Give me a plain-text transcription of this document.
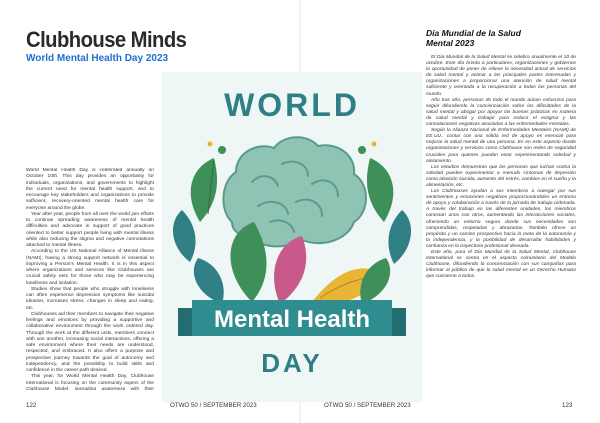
Clubhouse Minds
World Mental Health Day 2023

World Mental Health Day is celebrated annually on October 10th. This day provides an opportunity for individuals, organizations, and governments to highlight the current need for mental health support, and to encourage key stakeholders and organizations to provide sufficient, recovery-oriented mental health care for everyone around the globe.

Year after year, people from all over the world join efforts to continue spreading awareness of mental health difficulties and advocate in support of good practices oriented to better support people living with mental illness while also reducing the stigma and negative connotations attached to mental illness.

According to the US National Alliance of Mental Illness (NAMI), having a strong support network is essential to improving a Person's Mental Health. It is in this aspect where organizations and services like Clubhouses are crucial safety nets for those who may be experiencing loneliness and isolation.

Studies show that people who struggle with loneliness can often experience depression symptoms like suicidal ideation, increases stress, changes in sleep and eating, etc.

Clubhouses aid their members to navigate their negative feelings and emotions by providing a supportive and collaborative environment through the work ordered day. Through the work at the different units, members connect with one another, increasing social interactions, offering a safe environment where their needs are understood, respected, and embraced. It also offers a purpose and prospective journey towards the goal of autonomy and independency, and the possibility to build skills and confidence in the career path desired.

This year, for World Mental Health Day, Clubhouse International is focusing on the community aspect of the Clubhouse Model, spreading awareness with their

122	OTWO 50 / SEPTEMBER 2023	OTWO 50 / SEPTEMBER 2023	123
WORLD
Mental Health
DAY
Día Mundial de la Salud Mental 2023

El Día Mundial de la Salud Mental se celebra anualmente el 10 de octubre. Este día brinda a particulares, organizaciones y gobiernos la oportunidad de poner de relieve la necesidad actual de servicios de salud mental y animar a las principales partes interesadas y organizaciones a proporcionar una atención de salud mental suficiente y orientada a la recuperación a todas las personas del mundo.

Año tras año, personas de todo el mundo aúnan esfuerzos para seguir difundiendo la concienciación sobre las dificultades de la salud mental y abogar por apoyar las buenas prácticas en materia de salud mental y trabajar para reducir el estigma y las connotaciones negativas asociadas a las enfermedades mentales.

Según la Alianza Nacional de Enfermedades Mentales (NAMI) de EE.UU., contar con una sólida red de apoyo es esencial para mejorar la salud mental de una persona. Es en este aspecto donde organizaciones y servicios como Clubhouse son redes de seguridad cruciales para quienes puedan estar experimentando soledad y aislamiento.

Los estudios demuestran que las personas que luchan contra la soledad pueden experimentar a menudo síntomas de depresión como ideación suicida, aumento del estrés, cambios en el sueño y la alimentación, etc.

Los Clubhouses ayudan a sus miembros a navegar por sus sentimientos y emociones negativos proporcionándoles un entorno de apoyo y colaboración a través de la jornada de trabajo ordenada. A través del trabajo en las diferentes unidades, los miembros conectan unos con otros, aumentando las interacciones sociales, ofreciendo un entorno seguro donde sus necesidades son comprendidas, respetadas y abrazadas. También ofrece un propósito y un camino prospectivo hacia la meta de la autonomía y la independencia, y la posibilidad de desarrollar habilidades y confianza en la trayectoria profesional deseada.

Este año, para el Día Mundial de la Salud Mental, Clubhouse International se centra en el aspecto comunitario del Modelo Clubhouse, difundiendo la concienciación con sus campañas para informar al público de que la salud mental es un Derecho Humano que concierne a todos.
